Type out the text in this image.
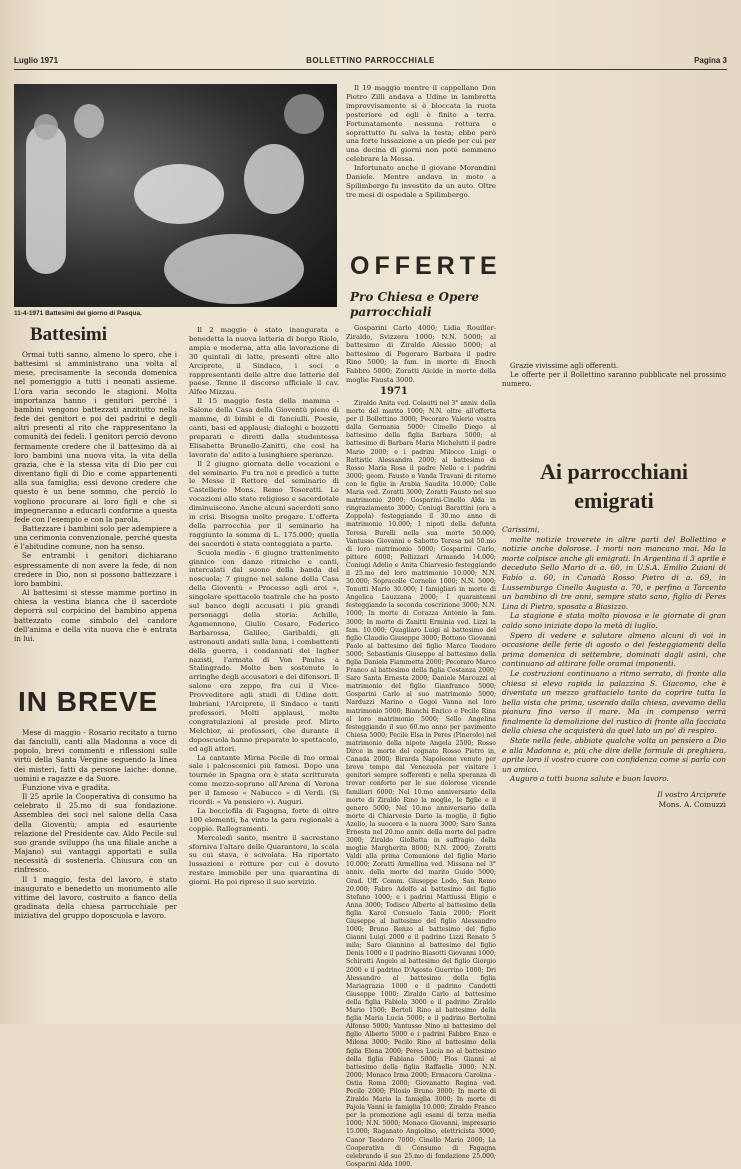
Luglio 1971	BOLLETTINO PARROCCHIALE	Pagina 3
11-4-1971 Battesimi del giorno di Pasqua.
Battesimi

Ormai tutti sanno, almeno lo spero, che i battesimi si amministrano una volta al mese, precisamente la seconda domenica nel pomeriggio a tutti i neonati assieme. L'ora varia secondo le stagioni. Molta importanza hanno i genitori perché i bambini vengono battezzati anzitutto nella fede dei genitori e poi dei padrini e degli altri presenti al rito che rappresentano la comunità dei fedeli. I genitori perciò devono fermamente credere che il battesimo dà ai loro bambini una nuova vita, la vita della grazia, che è la stessa vita di Dio per cui diventano figli di Dio e come appartenenti alla sua famiglia; essi devono credere che questo è un bene sommo, che perciò lo vogliono procurare ai loro figli e che si impegneranno a educarli conforme a questa fede con l'esempio e con la parola.

Battezzare i bambini solo per adempiere a una cerimonia convenzionale, perché questa è l'abitudine comune, non ha senso.

Se entrambi i genitori dichiarano espressamente di non avere la fede, di non credere in Dio, non si possono battezzare i loro bambini.

Al battesimi si stesse mamme portino in chiesa la vestina bianca che il sacerdote deporrà sul corpicino del bambino appena battezzato come simbolo del candore dell'anima e della vita nuova che è entrata in lui.

IN BREVE

Mese di maggio - Rosario recitato a turno dai fanciulli, canti alla Madonna a voce di popolo, brevi commenti e riflessioni sulle virtù della Santa Vergine seguendo la linea dei misteri, fatti da persone laiche: donne, uomini e ragazze e da Suore.

Funzione viva e gradita.

Il 25 aprile la Cooperativa di consumo ha celebrato il 25.mo di sua fondazione. Assemblea dei soci nel salone della Casa della Gioventù; ampia ed esauriente relazione del Presidente cav. Aldo Pecile sul suo grande sviluppo (ha una filiale anche a Majano) sui vantaggi apportati e sulla necessità di sostenerla. Chiusura con un rinfresco.

Il 1 maggio, festa del lavoro, è stato inaugurato e benedetto un monumento alle vittime del lavoro, costruito a fianco della gradinata della chiesa parrocchiale per iniziativa del gruppo doposcuola e lavoro.

Il 2 maggio è stato inaugurata e benedetta la nuova latteria di borgo Riolo, ampia e moderna, atta alla lavorazione di 30 quintali di latte, presenti oltre allo Arciprete, il Sindaco, i soci e rappresentanti delle altre due latterie del paese. Tenne il discorso ufficiale il cav. Alfeo Mizzau.

Il 15 maggio festa della mamma - Salone della Casa della Gioventù pieno di mamme, di bimbi e di fanciulli. Poesie, canti, basi ed applausi; dialoghi e bozzetti preparati e diretti dalla studentessa Elisabetta Brunello-Zanitti, che così ha lavorato da' adito a lusinghiere speranze.

Il 2 giugno giornata delle vocazioni e del seminario. Fu tra noi e predicò a tutte le Messe il Rettore del seminario di Castellerio Mons. Remo Tosoratti. Le vocazioni allo stato religioso e sacerdotale diminuiscono. Anche alcuni sacerdoti sono in crisi. Bisogna molto pregare. L'offerta della parrocchia per il seminario ha raggiunto la somma di L. 175.000; quella dei sacerdoti è stata conteggiata a parte.

Scuola media - 6 giugno trattenimento ginnico con danze ritmiche e canti, intercalati dal suono della banda del noscuola; 7 giugno nel salone della Casa della Gioventù « Processo agli eroi », singolare spettacolo teatrale che ha posto sul banco degli accusati i più grandi personaggi della storia: Achille, Agamennone, Giulio Cesare, Federico Barbarossa, Galileo, Garibaldi, gli astronauti andati sulla luna, i combattenti della guerra, i condannati dei lagher nazisti, l'armata di Von Paulus a Stalingrado. Molto ben sostenute le arringhe degli accusatori e dei difensori. Il salone era zeppo, fra cui il Vice-Provveditore agli studi di Udine dott. Imbriani, l'Arciprete, il Sindaco e tanti professori. Molti applausi, molte congratulazioni al preside prof. Mirto Melchior, ai professori, che durante il doposcuola hanno preparato lo spettacolo, ed agli attori.

La cantante Mirna Pecile di Ino ormai sale i palcoscenici più famosi. Dopo una tournée in Spagna ora è stata scritturata come mezzo-soprano all'Arena di Verona per il famoso « Nabucco » di Verdi. (Si ricordi: « Va pensiero »). Auguri.

La bocciofila di Fagagna, forte di oltre 100 elementi, ha vinto la gara regionale a coppie. Rallegramenti.

Mercoledì santo, mentre il sacrestano sforniva l'altare delle Quarantore, la scala su cui stava, è scivolata. Ha riportato lussazioni e rotture per cui è dovuto restare immobile per una quarantina di giorni. Ha poi ripreso il suo servizio.

Il 19 maggio mentre il cappellano Don Pietro Zilli andava a Udine in lambretta improvvisamente si è bloccata la ruota posteriore ed egli è finito a terra. Fortunatamente nessuna rottura e soprattutto fu salva la testa; ebbe però una forte lussazione a un piede per cui per una decina di giorni non poté nemmeno celebrare la Messa.

Infortunato anche il giovane Morandini Daniele. Mentre andava in moto a Spilimbergo fu investito da un auto. Oltre tre mesi di ospedale a Spilimbergo.

OFFERTE
Pro Chiesa e Opere parrocchiali

Gosparini Carlo 4000; Lidia Rouiller-Ziraldo, Svizzera 1000; N.N. 5000; al battesimo di Ziraldo Alessio 5000; al battesimo di Pegoraro Barbara il padre Rino 5000; la fam. in morte di Enoch Fabbro 5000; Zoratti Alcide in morte della moglie Fausta 3000.

1971

Ziraldo Anita ved. Colautti nel 3° anniv. della morte del marito 1000; N.N. oltre all'offerta per il Bollettino 3000; Pecoraro Valerio vostra dalla Germania 5000; Cimello Diego al battesimo della figlia Barbara 5000; al battesimo di Barbara Maria Michelutti il padre Mario 2000; e i padrini Milocco Luigi e Battistic Alessandra 2000; al battesimo di Rosso Maria Rosa il padre Nello e i padrini 3000; geom. Fausto e Vanda Travani di ritorno con le figlie in Arabia Saudita 10.000; Colle Maria ved. Zoratti 3000; Zoratti Fausto nel suo matrimonio 2000; Gosparini-Cinello Alda in ringraziamento 3000; Coniugi Barattini (ora a Zoppola) festeggiando il 30.mo anno di matrimonio 10.000; I nipoti della defunta Teresa Burelli nella sua morte 50.000; Vantusso Giovanni e Sabotto Teresa nel 50.mo di loro matrimonio 5000; Gosparini Carlo, pittore 6000; Pellizzari Armando 14.000; Coniugi Adelio e Anita Chiarvesio festeggiando il 25.mo del loro matrimonio 10.000; N.N. 30.000; Sopracolle Cornelio 1000; N.N. 5000; Tonutti Mario 30.000; I famigliari in morte di Angelica Lauzzana 2000; I quarantenni festeggiando la seconda coscrizione 3000; N.N. 1000; In morte di Corazza Antonio la fam. 3000; In morte di Zanitti Erminia ved. Lizzi la fam. 10.000; Quagliaro Luigi al battesimo del figlio Claudio Giuseppe 3000; Bottono Giovanni Paolo al battesimo del figlio Marco Teodoro 5000; Sebastianis Giuseppe al battesimo della figlia Daniela Fiammetta 2000; Pecoraro Marco Franco al battesimo della figlia Costanza 2000; Saro Santa Ernesta 2000; Daniele Marcuzzi al matrimonio del figlio Gianfranco 5000; Gosparini Carlo al suo matrimonio 5000; Narduzzi Marino e Gogoi Vanna nel loro matrimonio 5000; Bianchi Enrico e Pecile Rina al loro matrimonio 5000; Sello Angelina festeggiando il suo 60.mo anno per pavimento Chiesa 5000; Pecile Elsa in Peres (Pinerolo) nel matrimonio della nipote Angela 2500; Rosso Dirce in morte del cognato Rosso Pietro in, Canada 2000; Birarda Napoleone venuto per breve tempo dal Venezuela per visitare i genitori sempre sofferenti e nella speranza di trovar conforto per le sue dolorose vicende familiari 6000; Nel 10.mo anniversario della morte di Ziraldo Rino la moglie, le figlie e il genero 5000; Nel 10.mo anniversario della morte di Chiarvesio Dario la moglie, il figlio Azelio, la suocera e la nuora 3000; Saro Santa Ernesta nel 20.mo anniv. della morte del padre 3000; Ziraldo GioBatta in suffragio della moglie Margherita 8000; N.N. 2000; Zoratti Valdi alla prima Comunione del figlio Mario 10.000; Zoratti Armellina ved. Missana nel 3° anniv. della morte del marito Guido 5000; Grad. Uff. Comm. Giuseppe Lodo, San Remo 20.000; Fabro Adolfo al battesimo del figlio Stefano 1000; e i padrini Mattiussi Eligio e Anna 3000; Todisco Alberto al battesimo della figlia Karol Consuelo Tania 2000; Florit Giuseppe al battesimo del figlio Alessandro 1000; Bruno Renzo al battesimo del figlio Gianni Luigi 2000 e il padrino Lizzi Renato 5 mila; Saro Giannino al battesimo del figlio Denis 1000 e il padrino Biasotti Giovanni 1000; Schiratti Angelo al battesimo del figlio Giorgio 2000 e il padrino D'Agosto Guerrino 1000; Dri Alessandro al battesimo della figlia Mariagrazia 1000 e il padrino Candotti Giuseppe 1000; Ziraldo Carlo al battesimo della figlia Fabiola 3000 e il padrino Ziraldo Mario 1500; Bertoli Rino al battesimo della figlia Maria Lucia 5000; e il padrino Bertolini Alfonso 5000; Vantusso Nino al battesimo del figlio Alberto 5000 e i padrini Fabbro Enzo e Milena 3000; Pecile Rino al battesimo della figlia Elena 2000; Peres Lucia no al battesimo della figlia Fabiana 5000; Plos Gianni al battesimo della figlia Raffaella 3000; N.N. 2000; Monaco Irma 2000; Ermacora Carolina - Ostia Roma 2000; Giovanatto Regina ved. Pecile 2000; Pilosio Bruno 3000; In morte di Ziraldo Mario la famiglia 3000; In morte di Pajola Vanni la famiglia 10.000; Ziraldo Franco per la promozione agli esami di terza media 1000; N.N. 5000; Monaco Giovanni, impresario 15.000; Raganato Angiolino, elettricista 3000; Canor Teodoro 7000; Cinello Mario 2000; La Cooperativa di Consumo di Fagagna celebrando il suo 25.mo di fondazione 25.000; Gosparini Alda 1000.

Grazie vivissime agli offerenti.

Le offerte per il Bollettino saranno pubblicate nel prossimo numero.

Ai parrocchiani
emigrati

Carissimi,

molte notizie troverete in altre parti del Bollettino e notizie anche dolorose. I morti non mancano mai. Ma la morte colpisce anche gli emigrati. In Argentina il 3 aprile è deceduto Sello Mario di a. 60, in U.S.A. Emilio Zuiani di Fabio a. 60, in Canadà Rosso Pietro di a. 69, in Lussemburgo Cinello Augusto a. 70, e perfino a Tarcento un bambino di tre anni, sempre stato sano, figlio di Peres Lina di Pietro, sposata a Biasizzo.

La stagione è stata molto piovosa e le giornate di gran caldo sono iniziate dopo la metà di luglio.

Spero di vedere e salutare almeno alcuni di voi in occasione delle ferie di agosto o dei festeggiamenti della prima domenica di settembre, dominati dagli asini, che continuano ad attirare folle oramai imponenti.

Le costruzioni continuano a ritmo serrato, di fronte alla chiesa si eleva rapida la palazzina S. Giacomo, che è diventata un mezzo grattacielo tanto da coprire tutta la bella vista che prima, uscendo dalla chiesa, avevamo della pianura fino verso il mare. Ma in compenso verrà finalmente la demolizione del rustico di fronte alla facciata della chiesa che acquisterà da quel lato un po' di respiro.

State nella fede, abbiate qualche volta un pensiero a Dio e alla Madonna e, più che dire delle formule di preghiera, aprite loro il vostro cuore con confidenza come si parla con un amico.

Auguro a tutti buona salute e buon lavoro.

Il vostro Arciprete

Mons. A. Comuzzi
